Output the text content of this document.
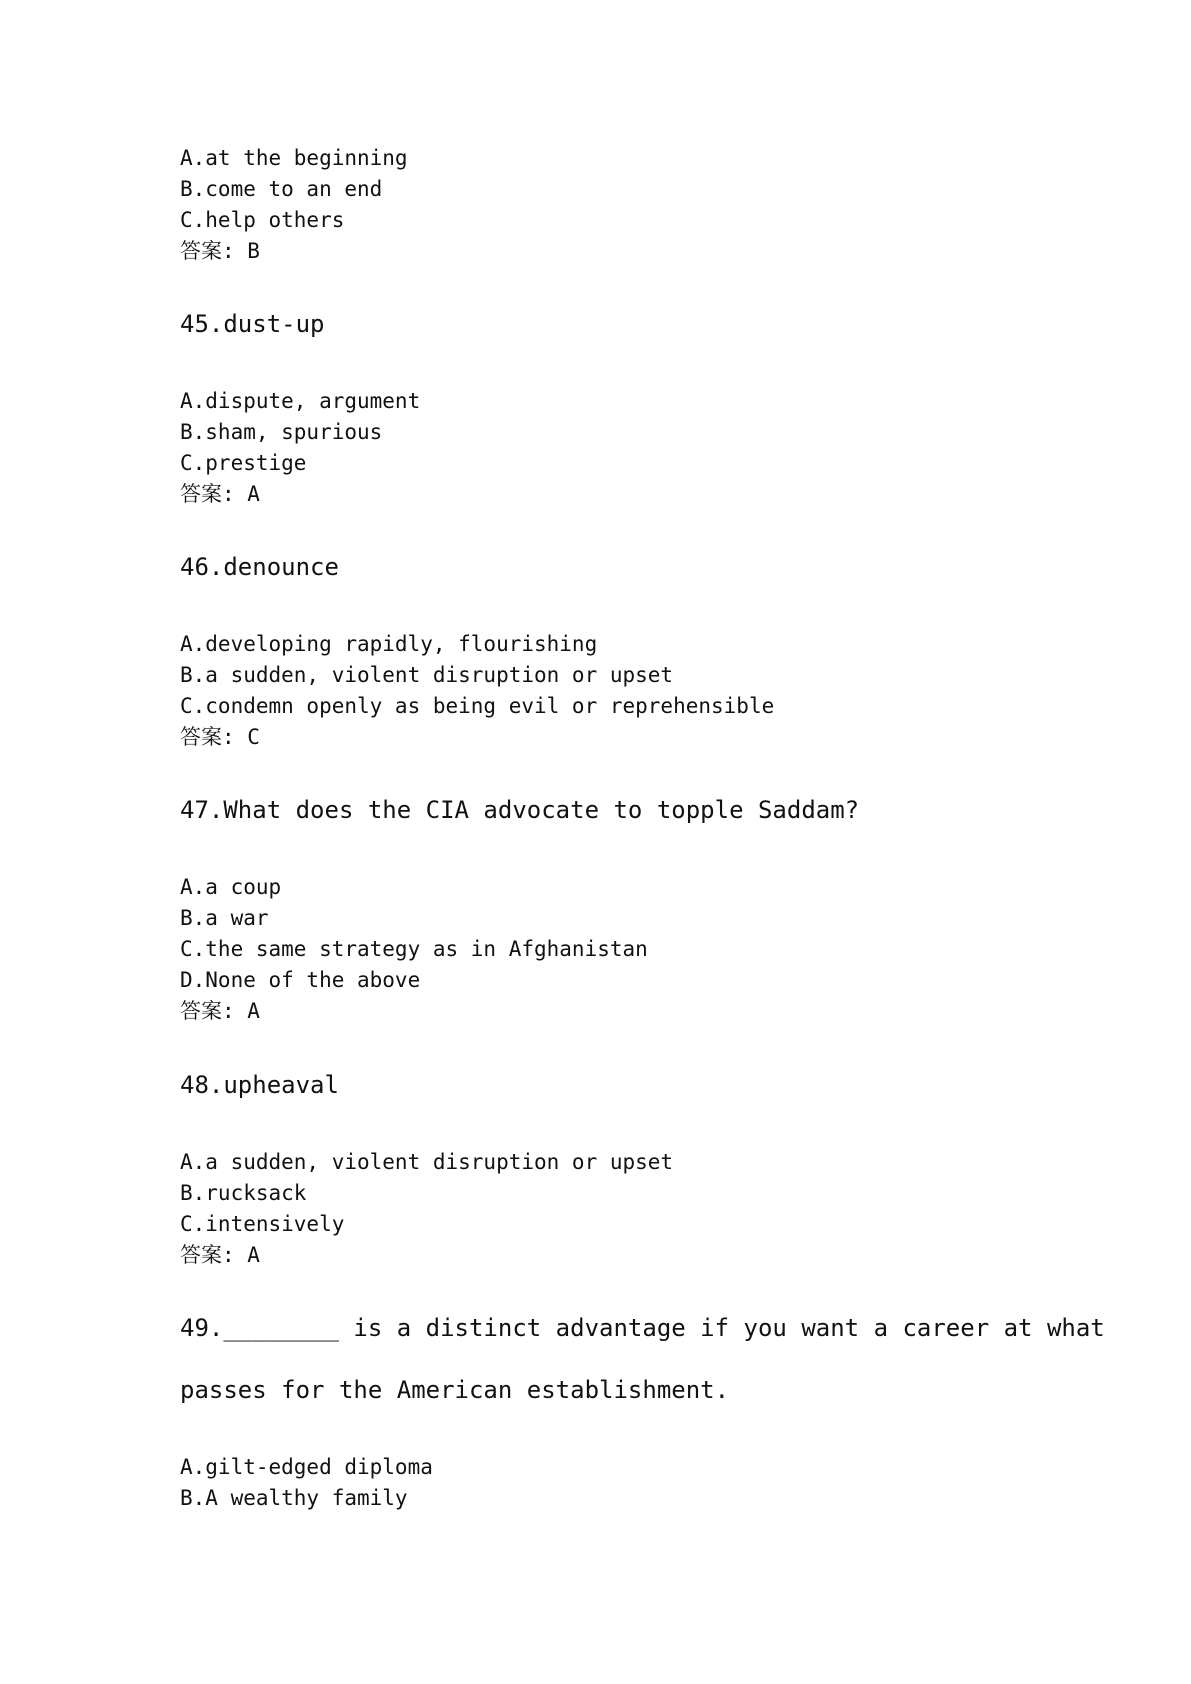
A.at the beginning
B.come to an end
C.help others
答案: B
45.dust-up
A.dispute, argument
B.sham, spurious
C.prestige
答案: A
46.denounce
A.developing rapidly, flourishing
B.a sudden, violent disruption or upset
C.condemn openly as being evil or reprehensible
答案: C
47.What does the CIA advocate to topple Saddam?
A.a coup
B.a war
C.the same strategy as in Afghanistan
D.None of the above
答案: A
48.upheaval
A.a sudden, violent disruption or upset
B.rucksack
C.intensively
答案: A
49.________ is a distinct advantage if you want a career at what
passes for the American establishment.
A.gilt-edged diploma
B.A wealthy family
